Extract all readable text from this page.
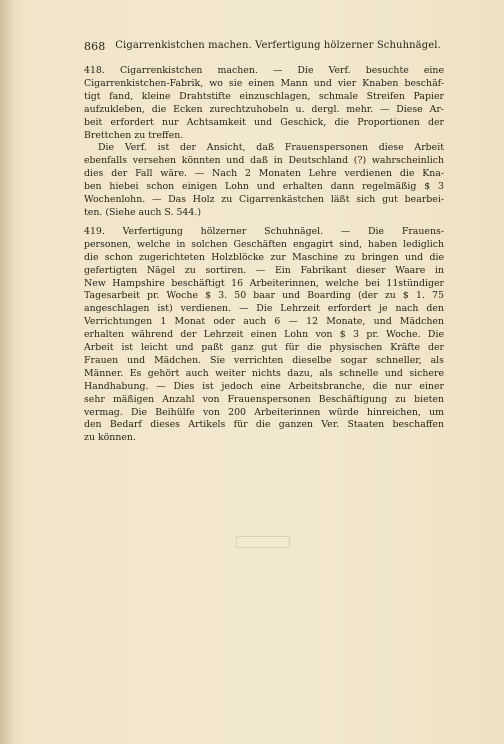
868 Cigarrenkistchen machen. Verfertigung hölzerner Schuhnägel.
418. Cigarrenkistchen machen. — Die Verf. besuchte eine
Cigarrenkistchen-Fabrik, wo sie einen Mann und vier Knaben beschäf-
tigt fand, kleine Drahtstifte einzuschlagen, schmale Streifen Papier
aufzukleben, die Ecken zurechtzuhobeln u. dergl. mehr. — Diese Ar-
beit erfordert nur Achtsamkeit und Geschick, die Proportionen der
Brettchen zu treffen.
Die Verf. ist der Ansicht, daß Frauenspersonen diese Arbeit
ebenfalls versehen könnten und daß in Deutschland (?) wahrscheinlich
dies der Fall wäre. — Nach 2 Monaten Lehre verdienen die Kna-
ben hiebei schon einigen Lohn und erhalten dann regelmäßig $ 3
Wochenlohn. — Das Holz zu Cigarrenkästchen läßt sich gut bearbei-
ten. (Siehe auch S. 544.)
419. Verfertigung hölzerner Schuhnägel. — Die Frauens-
personen, welche in solchen Geschäften engagirt sind, haben lediglich
die schon zugerichteten Holzblöcke zur Maschine zu bringen und die
gefertigten Nägel zu sortiren. — Ein Fabrikant dieser Waare in
New Hampshire beschäftigt 16 Arbeiterinnen, welche bei 11stündiger
Tagesarbeit pr. Woche $ 3. 50 baar und Boarding (der zu $ 1. 75
angeschlagen ist) verdienen. — Die Lehrzeit erfordert je nach den
Verrichtungen 1 Monat oder auch 6 — 12 Monate, und Mädchen
erhalten während der Lehrzeit einen Lohn von $ 3 pr. Woche. Die
Arbeit ist leicht und paßt ganz gut für die physischen Kräfte der
Frauen und Mädchen. Sie verrichten dieselbe sogar schneller, als
Männer. Es gehört auch weiter nichts dazu, als schnelle und sichere
Handhabung. — Dies ist jedoch eine Arbeitsbranche, die nur einer
sehr mäßigen Anzahl von Frauenspersonen Beschäftigung zu bieten
vermag. Die Beihülfe von 200 Arbeiterinnen würde hinreichen, um
den Bedarf dieses Artikels für die ganzen Ver. Staaten beschaffen
zu können.
